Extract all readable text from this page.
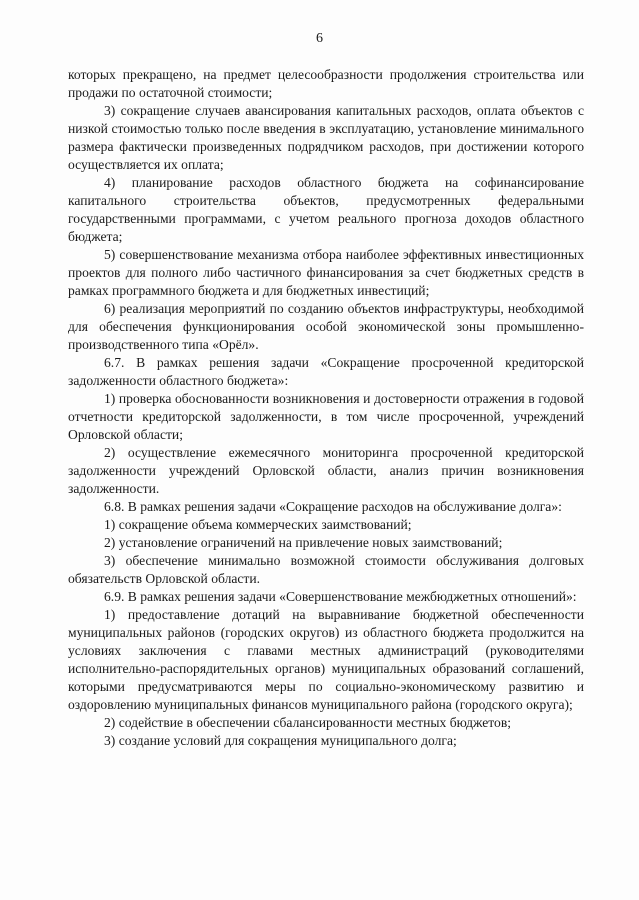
6

которых прекращено, на предмет целесообразности продолжения строительства или продажи по остаточной стоимости;

3) сокращение случаев авансирования капитальных расходов, оплата объектов с низкой стоимостью только после введения в эксплуатацию, установление минимального размера фактически произведенных подрядчиком расходов, при достижении которого осуществляется их оплата;

4) планирование расходов областного бюджета на софинансирование капитального строительства объектов, предусмотренных федеральными государственными программами, с учетом реального прогноза доходов областного бюджета;

5) совершенствование механизма отбора наиболее эффективных инвестиционных проектов для полного либо частичного финансирования за счет бюджетных средств в рамках программного бюджета и для бюджетных инвестиций;

6) реализация мероприятий по созданию объектов инфраструктуры, необходимой для обеспечения функционирования особой экономической зоны промышленно-производственного типа «Орёл».

6.7. В рамках решения задачи «Сокращение просроченной кредиторской задолженности областного бюджета»:

1) проверка обоснованности возникновения и достоверности отражения в годовой отчетности кредиторской задолженности, в том числе просроченной, учреждений Орловской области;

2) осуществление ежемесячного мониторинга просроченной кредиторской задолженности учреждений Орловской области, анализ причин возникновения задолженности.

6.8. В рамках решения задачи «Сокращение расходов на обслуживание долга»:

1) сокращение объема коммерческих заимствований;

2) установление ограничений на привлечение новых заимствований;

3) обеспечение минимально возможной стоимости обслуживания долговых обязательств Орловской области.

6.9. В рамках решения задачи «Совершенствование межбюджетных отношений»:

1) предоставление дотаций на выравнивание бюджетной обеспеченности муниципальных районов (городских округов) из областного бюджета продолжится на условиях заключения с главами местных администраций (руководителями исполнительно-распорядительных органов) муниципальных образований соглашений, которыми предусматриваются меры по социально-экономическому развитию и оздоровлению муниципальных финансов муниципального района (городского округа);

2) содействие в обеспечении сбалансированности местных бюджетов;

3) создание условий для сокращения муниципального долга;
